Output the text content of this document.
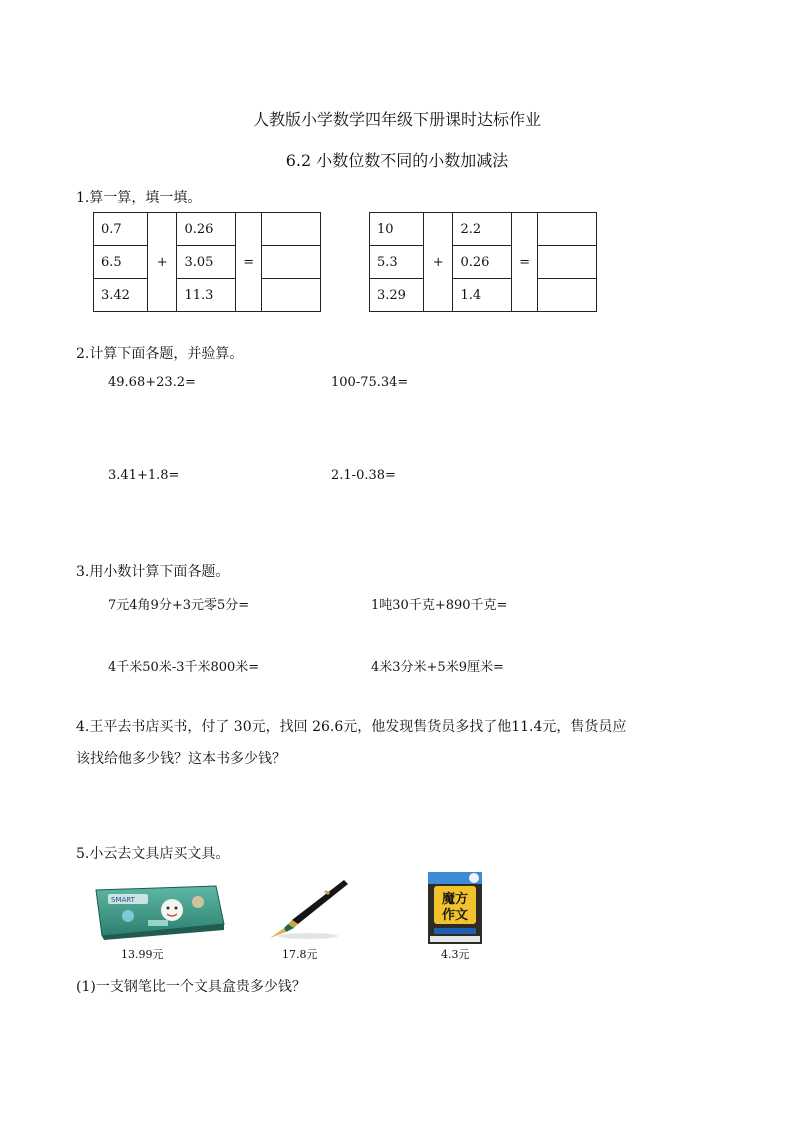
人教版小学数学四年级下册课时达标作业
6.2 小数位数不同的小数加减法
1.算一算，填一填。
0.7	+	0.26	=	
6.5		3.05		
3.42		11.3		
10	+	2.2	=	
5.3		0.26		
3.29		1.4		
2.计算下面各题，并验算。
49.68+23.2=	100-75.34=
3.41+1.8=	2.1-0.38=
3.用小数计算下面各题。
7元4角9分+3元零5分=	1吨30千克+890千克=
4千米50米-3千米800米=	4米3分米+5米9厘米=
4.王平去书店买书，付了 30元，找回 26.6元，他发现售货员多找了他11.4元，售货员应
该找给他多少钱？这本书多少钱？
5.小云去文具店买文具。
SMART
13.99元	17.8元
魔方
作文
4.3元
(1)一支钢笔比一个文具盒贵多少钱？
